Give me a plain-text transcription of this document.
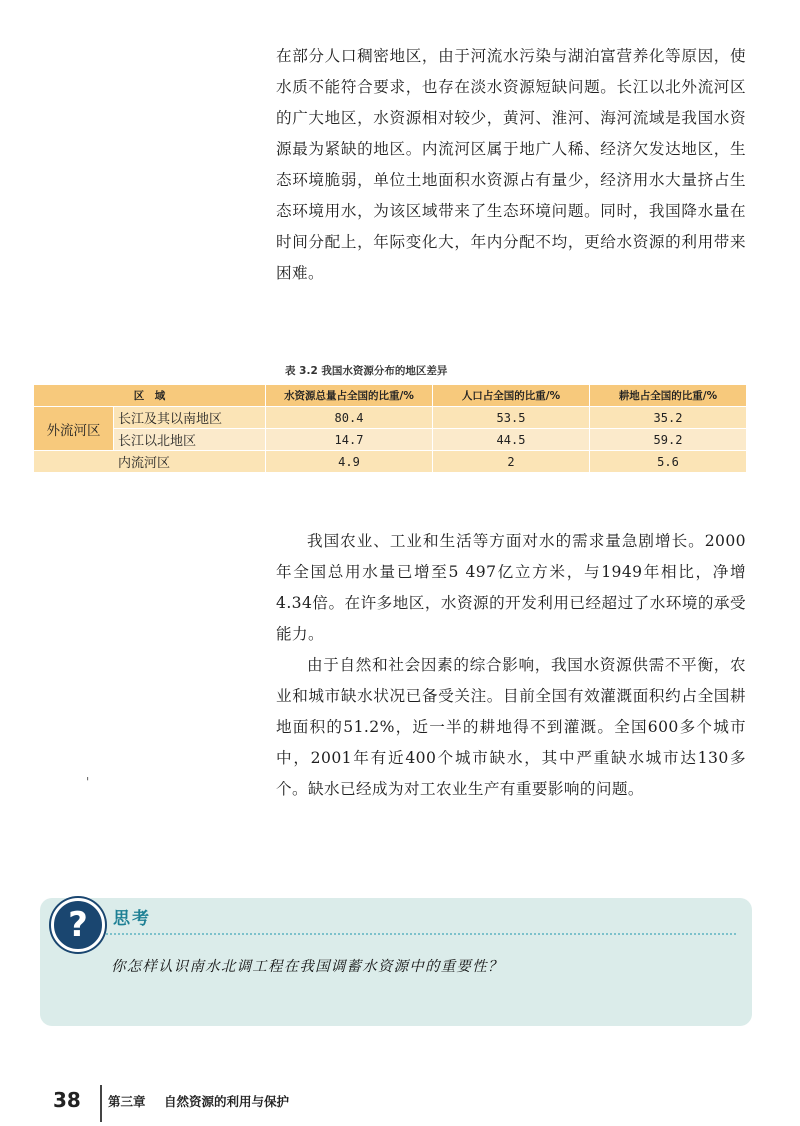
在部分人口稠密地区，由于河流水污染与湖泊富营养化等原因，使水质不能符合要求，也存在淡水资源短缺问题。长江以北外流河区的广大地区，水资源相对较少，黄河、淮河、海河流域是我国水资源最为紧缺的地区。内流河区属于地广人稀、经济欠发达地区，生态环境脆弱，单位土地面积水资源占有量少，经济用水大量挤占生态环境用水，为该区域带来了生态环境问题。同时，我国降水量在时间分配上，年际变化大，年内分配不均，更给水资源的利用带来困难。

表 3.2 我国水资源分布的地区差异
区　域		水资源总量占全国的比重/%	人口占全国的比重/%	耕地占全国的比重/%
外流河区	长江及其以南地区	80.4	53.5	35.2
	长江以北地区	14.7	44.5	59.2
内流河区		4.9	2	5.6

我国农业、工业和生活等方面对水的需求量急剧增长。2000年全国总用水量已增至5 497亿立方米，与1949年相比，净增4.34倍。在许多地区，水资源的开发利用已经超过了水环境的承受能力。

由于自然和社会因素的综合影响，我国水资源供需不平衡，农业和城市缺水状况已备受关注。目前全国有效灌溉面积约占全国耕地面积的51.2%，近一半的耕地得不到灌溉。全国600多个城市中，2001年有近400个城市缺水，其中严重缺水城市达130多个。缺水已经成为对工农业生产有重要影响的问题。

'
?	思考
你怎样认识南水北调工程在我国调蓄水资源中的重要性？
38 第三章 自然资源的利用与保护
